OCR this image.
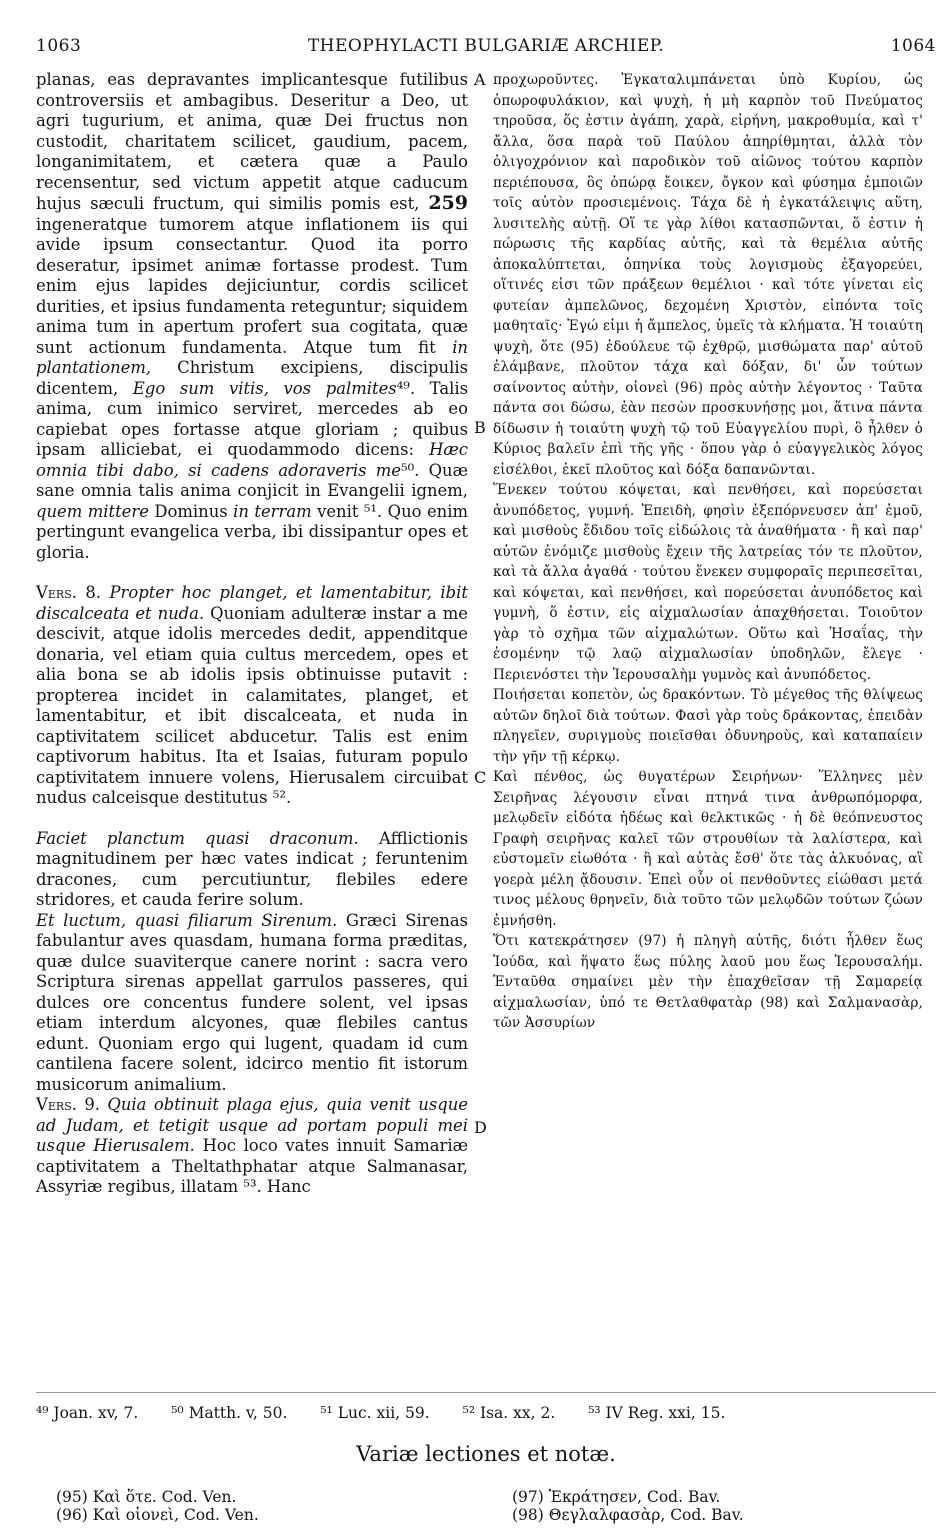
1063	THEOPHYLACTI BULGARIÆ ARCHIEP.	1064
A
B
C
D

planas, eas depravantes implicantesque futilibus controversiis et ambagibus. Deseritur a Deo, ut agri tugurium, et anima, quæ Dei fructus non custodit, charitatem scilicet, gaudium, pacem, longanimitatem, et cætera quæ a Paulo recensentur, sed victum appetit atque caducum hujus sæculi fructum, qui similis pomis est, 259 ingeneratque tumorem atque inflationem iis qui avide ipsum consectantur. Quod ita porro deseratur, ipsimet animæ fortasse prodest. Tum enim ejus lapides dejiciuntur, cordis scilicet durities, et ipsius fundamenta reteguntur; siquidem anima tum in apertum profert sua cogitata, quæ sunt actionum fundamenta. Atque tum fit in plantationem, Christum excipiens, discipulis dicentem, Ego sum vitis, vos palmites⁴⁹. Talis anima, cum inimico serviret, mercedes ab eo capiebat opes fortasse atque gloriam ; quibus ipsam alliciebat, ei quodammodo dicens: Hæc omnia tibi dabo, si cadens adoraveris me⁵⁰. Quæ sane omnia talis anima conjicit in Evangelii ignem, quem mittere Dominus in terram venit ⁵¹. Quo enim pertingunt evangelica verba, ibi dissipantur opes et gloria.

Vers. 8. Propter hoc planget, et lamentabitur, ibit discalceata et nuda. Quoniam adulteræ instar a me descivit, atque idolis mercedes dedit, appenditque donaria, vel etiam quia cultus mercedem, opes et alia bona se ab idolis ipsis obtinuisse putavit : propterea incidet in calamitates, planget, et lamentabitur, et ibit discalceata, et nuda in captivitatem scilicet abducetur. Talis est enim captivorum habitus. Ita et Isaias, futuram populo captivitatem innuere volens, Hierusalem circuibat nudus calceisque destitutus ⁵².

Faciet planctum quasi draconum. Afflictionis magnitudinem per hæc vates indicat ; feruntenim dracones, cum percutiuntur, flebiles edere stridores, et cauda ferire solum.

Et luctum, quasi filiarum Sirenum. Græci Sirenas fabulantur aves quasdam, humana forma præditas, quæ dulce suaviterque canere norint : sacra vero Scriptura sirenas appellat garrulos passeres, qui dulces ore concentus fundere solent, vel ipsas etiam interdum alcyones, quæ flebiles cantus edunt. Quoniam ergo qui lugent, quadam id cum cantilena facere solent, idcirco mentio fit istorum musicorum animalium.

Vers. 9. Quia obtinuit plaga ejus, quia venit usque ad Judam, et tetigit usque ad portam populi mei usque Hierusalem. Hoc loco vates innuit Samariæ captivitatem a Theltathphatar atque Salmanasar, Assyriæ regibus, illatam ⁵³. Hanc

προχωροῦντες. Ἐγκαταλιμπάνεται ὑπὸ Κυρίου, ὡς ὀπωροφυλάκιον, καὶ ψυχὴ, ἡ μὴ καρπὸν τοῦ Πνεύματος τηροῦσα, ὅς ἐστιν ἀγάπη, χαρὰ, εἰρήνη, μακροθυμία, καὶ τ' ἄλλα, ὅσα παρὰ τοῦ Παύλου ἀπηρίθμηται, ἀλλὰ τὸν ὀλιγοχρόνιον καὶ παροδικὸν τοῦ αἰῶνος τούτου καρπὸν περιέπουσα, ὃς ὀπώρᾳ ἔοικεν, ὄγκον καὶ φύσημα ἐμποιῶν τοῖς αὐτὸν προσιεμένοις. Τάχα δὲ ἡ ἐγκατάλειψις αὕτη, λυσιτελὴς αὐτῇ. Οἵ τε γὰρ λίθοι κατασπῶνται, ὅ ἐστιν ἡ πώρωσις τῆς καρδίας αὐτῆς, καὶ τὰ θεμέλια αὐτῆς ἀποκαλύπτεται, ὁπηνίκα τοὺς λογισμοὺς ἐξαγορεύει, οἵτινές εἰσι τῶν πράξεων θεμέλιοι · καὶ τότε γίνεται εἰς φυτείαν ἀμπελῶνος, δεχομένη Χριστὸν, εἰπόντα τοῖς μαθηταῖς· Ἐγώ εἰμι ἡ ἄμπελος, ὑμεῖς τὰ κλήματα. Ἡ τοιαύτη ψυχὴ, ὅτε (95) ἐδούλευε τῷ ἐχθρῷ, μισθώματα παρ' αὐτοῦ ἐλάμβανε, πλοῦτον τάχα καὶ δόξαν, δι' ὧν τούτων σαίνοντος αὐτὴν, οἱονεὶ (96) πρὸς αὐτὴν λέγοντος · Ταῦτα πάντα σοι δώσω, ἐὰν πεσὼν προσκυνήσῃς μοι, ἅτινα πάντα δίδωσιν ἡ τοιαύτη ψυχὴ τῷ τοῦ Εὐαγγελίου πυρὶ, ὃ ἦλθεν ὁ Κύριος βαλεῖν ἐπὶ τῆς γῆς · ὅπου γὰρ ὁ εὐαγγελικὸς λόγος εἰσέλθοι, ἐκεῖ πλοῦτος καὶ δόξα δαπανῶνται.

Ἕνεκεν τούτου κόψεται, καὶ πενθήσει, καὶ πορεύσεται ἀνυπόδετος, γυμνή. Ἐπειδὴ, φησὶν ἐξεπόρνευσεν ἀπ' ἐμοῦ, καὶ μισθοὺς ἔδιδου τοῖς εἰδώλοις τὰ ἀναθήματα · ἢ καὶ παρ' αὐτῶν ἐνόμιζε μισθοὺς ἔχειν τῆς λατρείας τόν τε πλοῦτον, καὶ τὰ ἄλλα ἀγαθά · τούτου ἕνεκεν συμφοραῖς περιπεσεῖται, καὶ κόψεται, καὶ πενθήσει, καὶ πορεύσεται ἀνυπόδετος καὶ γυμνὴ, ὅ ἐστιν, εἰς αἰχμαλωσίαν ἀπαχθήσεται. Τοιοῦτον γὰρ τὸ σχῆμα τῶν αἰχμαλώτων. Οὕτω καὶ Ἡσαΐας, τὴν ἐσομένην τῷ λαῷ αἰχμαλωσίαν ὑποδηλῶν, ἔλεγε · Περιενόστει τὴν Ἱερουσαλὴμ γυμνὸς καὶ ἀνυπόδετος.

Ποιήσεται κοπετὸν, ὡς δρακόντων. Τὸ μέγεθος τῆς θλίψεως αὐτῶν δηλοῖ διὰ τούτων. Φασὶ γὰρ τοὺς δράκοντας, ἐπειδὰν πληγεῖεν, συριγμοὺς ποιεῖσθαι ὀδυνηροὺς, καὶ καταπαίειν τὴν γῆν τῇ κέρκῳ.

Καὶ πένθος, ὡς θυγατέρων Σειρήνων· Ἕλληνες μὲν Σειρῆνας λέγουσιν εἶναι πτηνά τινα ἀνθρωπόμορφα, μελῳδεῖν εἰδότα ἡδέως καὶ θελκτικῶς · ἡ δὲ θεόπνευστος Γραφὴ σειρῆνας καλεῖ τῶν στρουθίων τὰ λαλίστερα, καὶ εὐστομεῖν εἰωθότα · ἢ καὶ αὐτὰς ἔσθ' ὅτε τὰς ἀλκυόνας, αἳ γοερὰ μέλη ᾄδουσιν. Ἐπεὶ οὖν οἱ πενθοῦντες εἰώθασι μετά τινος μέλους θρηνεῖν, διὰ τοῦτο τῶν μελῳδῶν τούτων ζώων ἐμνήσθη.

Ὅτι κατεκράτησεν (97) ἡ πληγὴ αὐτῆς, διότι ἦλθεν ἕως Ἰούδα, καὶ ἥψατο ἕως πύλης λαοῦ μου ἕως Ἱερουσαλήμ. Ἐνταῦθα σημαίνει μὲν τὴν ἐπαχθεῖσαν τῇ Σαμαρείᾳ αἰχμαλωσίαν, ὑπό τε Θετλαθφατὰρ (98) καὶ Σαλμανασὰρ, τῶν Ἀσσυρίων

⁴⁹ Joan. xv, 7. ⁵⁰ Matth. v, 50. ⁵¹ Luc. xii, 59. ⁵² Isa. xx, 2. ⁵³ IV Reg. xxi, 15.
Variæ lectiones et notæ.
(95) Καὶ ὅτε. Cod. Ven.
(96) Καὶ οἱονεὶ, Cod. Ven.
(97) Ἐκράτησεν, Cod. Bav.
(98) Θεγλαλφασὰρ, Cod. Bav.
